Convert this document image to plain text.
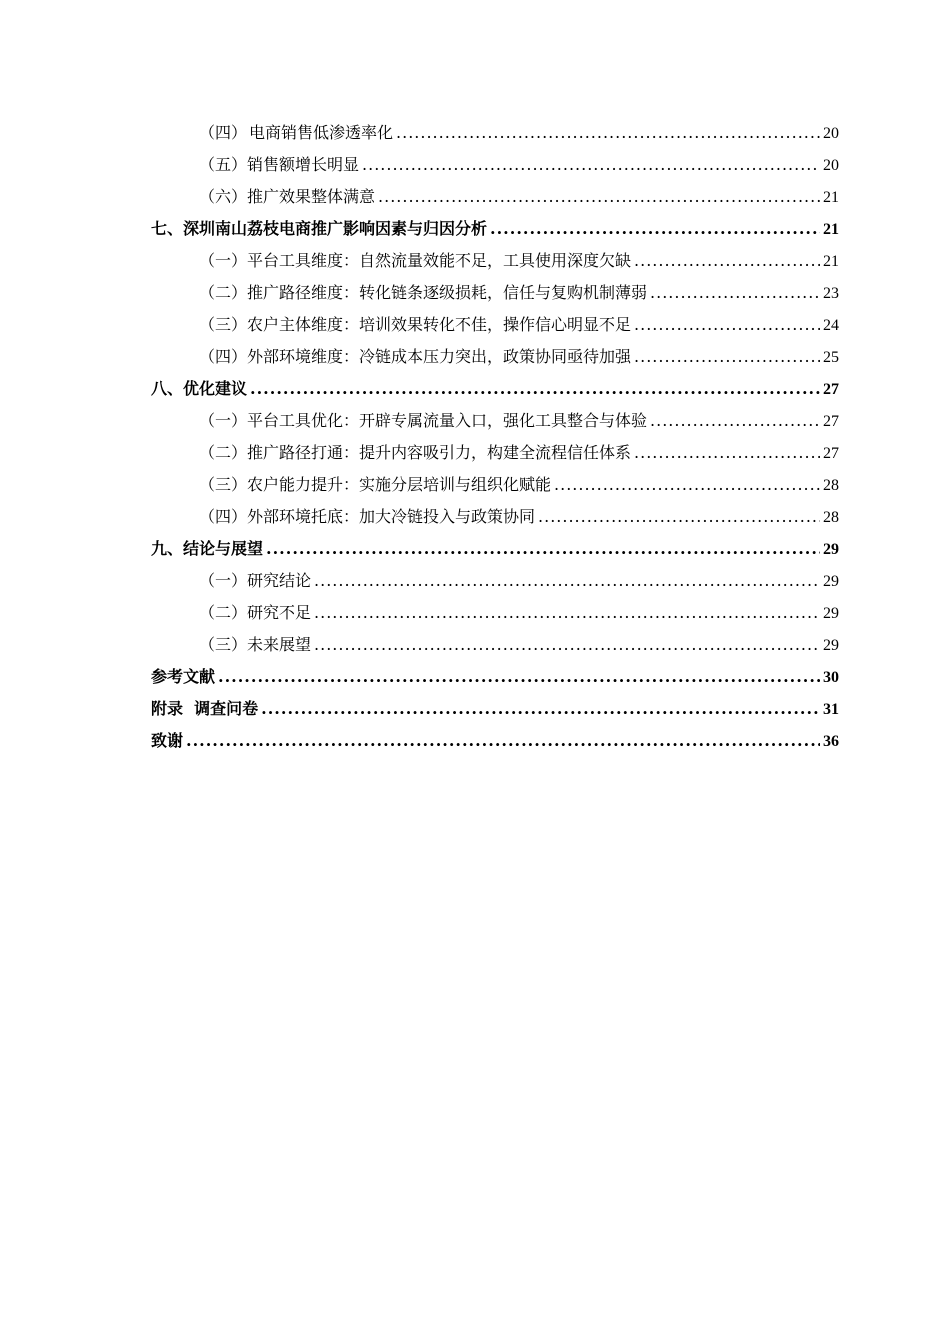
（四） 电商销售低渗透率化 .....	20
（五） 销售额增长明显 .....	20
（六） 推广效果整体满意 .....	21
七、 深圳南山荔枝电商推广影响因素与归因分析 .....	21
（一） 平台工具维度：自然流量效能不足，工具使用深度欠缺 .....	21
（二） 推广路径维度：转化链条逐级损耗，信任与复购机制薄弱 .....	23
（三） 农户主体维度：培训效果转化不佳，操作信心明显不足 .....	24
（四） 外部环境维度：冷链成本压力突出，政策协同亟待加强 .....	25
八、 优化建议 .....	27
（一） 平台工具优化：开辟专属流量入口，强化工具整合与体验 .....	27
（二） 推广路径打通：提升内容吸引力，构建全流程信任体系 .....	27
（三） 农户能力提升：实施分层培训与组织化赋能 .....	28
（四） 外部环境托底：加大冷链投入与政策协同 .....	28
九、 结论与展望 .....	29
（一） 研究结论 .....	29
（二） 研究不足 .....	29
（三） 未来展望 .....	29
参考文献 .....	30
附录  调查问卷 .....	31
致谢 .....	36
